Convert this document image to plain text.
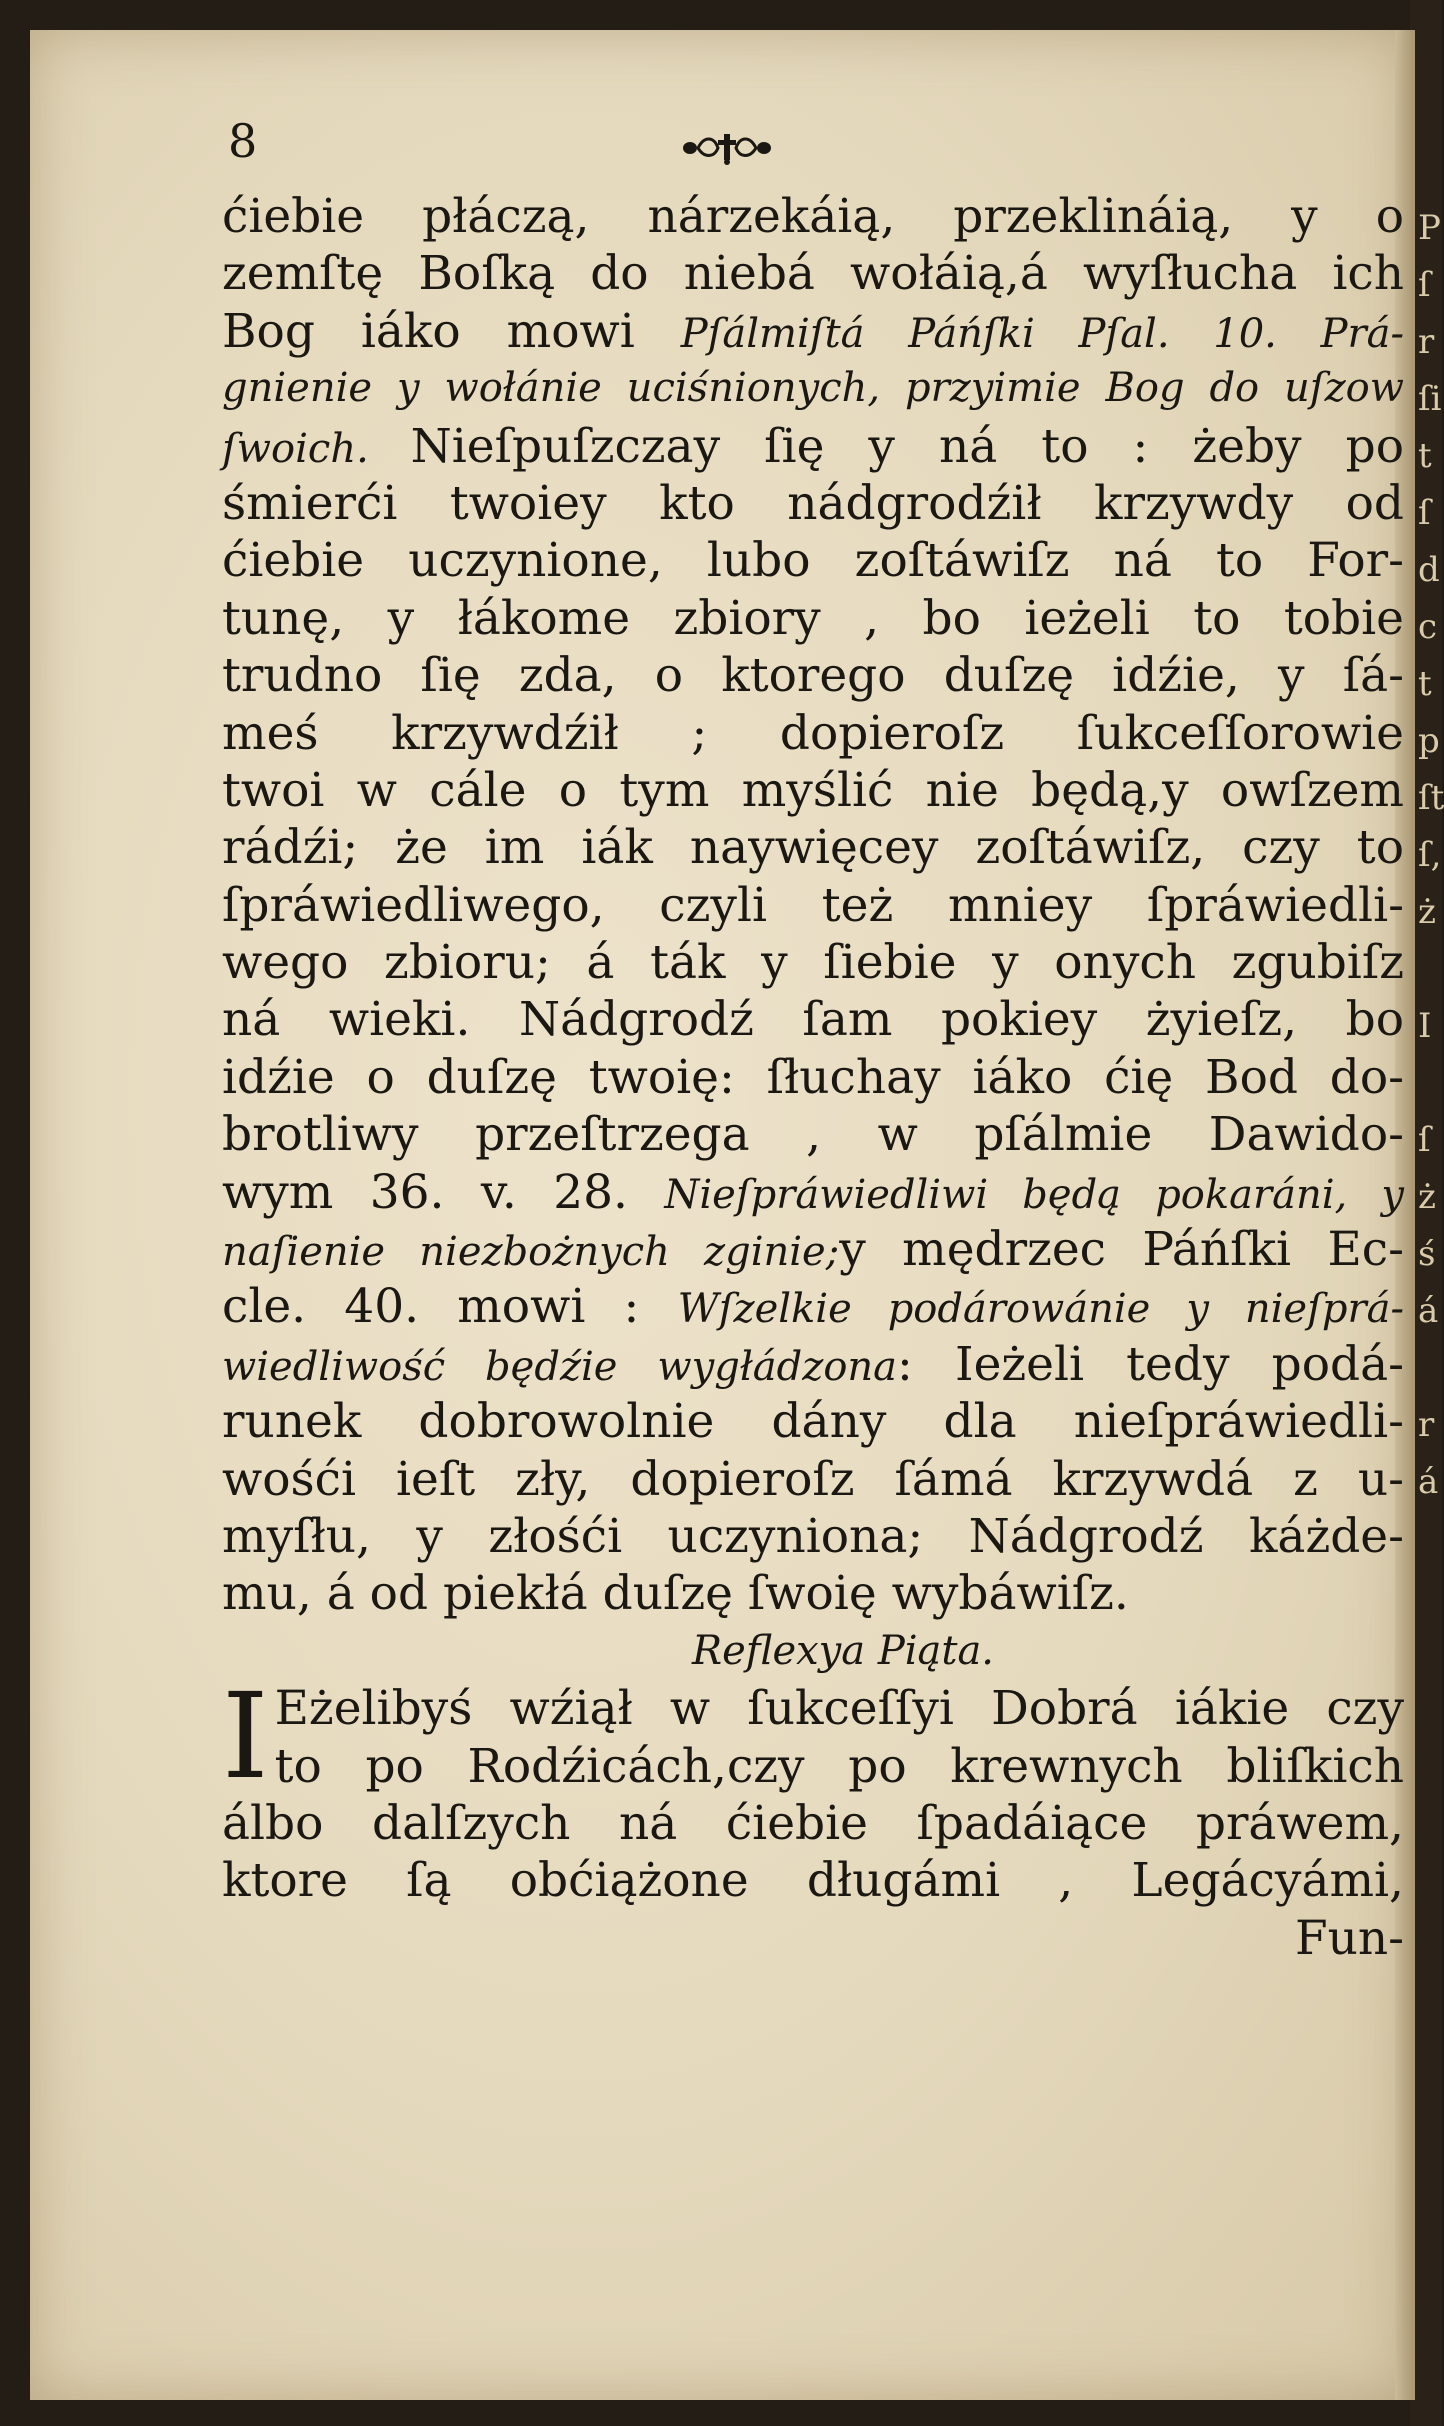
P
ſ
r
ſi
t
ſ
d
c
t
p
ſt
ſ,
ż
I
ſ
ż
ś
á
r
á
8
ćiebie płáczą, nárzekáią, przeklináią, y o
zemſtę Boſką do niebá wołáią,á wyſłucha ich
Bog iáko mowi Pſálmiſtá Páńſki Pſal. 10. Prá-
gnienie y wołánie uciśnionych, przyimie Bog do uſzow
ſwoich. Nieſpuſzczay ſię y ná to : żeby po
śmierći twoiey kto nádgrodźił krzywdy od
ćiebie uczynione, lubo zoſtáwiſz ná to For-
tunę, y łákome zbiory , bo ieżeli to tobie
trudno ſię zda, o ktorego duſzę idźie, y ſá-
meś krzywdźił ; dopieroſz ſukceſſorowie
twoi w cále o tym myślić nie będą,y owſzem
rádźi; że im iák naywięcey zoſtáwiſz, czy to
ſpráwiedliwego, czyli też mniey ſpráwiedli-
wego zbioru; á ták y ſiebie y onych zgubiſz
ná wieki. Nádgrodź ſam pokiey żyieſz, bo
idźie o duſzę twoię: ſłuchay iáko ćię Bod do-
brotliwy przeſtrzega , w pſálmie Dawido-
wym 36. v. 28. Nieſpráwiedliwi będą pokaráni, y
naſienie niezbożnych zginie;y mędrzec Páńſki Ec-
cle. 40. mowi : Wſzelkie podárowánie y nieſprá-
wiedliwość będźie wygłádzona: Ieżeli tedy podá-
runek dobrowolnie dány dla nieſpráwiedli-
wośći ieſt zły, dopieroſz ſámá krzywdá z u-
myſłu, y złośći uczyniona; Nádgrodź káżde-
mu, á od piekłá duſzę ſwoię wybáwiſz.
Reflexya Piąta.
I Eżelibyś wźiął w ſukceſſyi Dobrá iákie czy
to po Rodźicách,czy po krewnych bliſkich
álbo dalſzych ná ćiebie ſpadáiące práwem,
ktore ſą obćiążone długámi , Legácyámi,
Fun-
